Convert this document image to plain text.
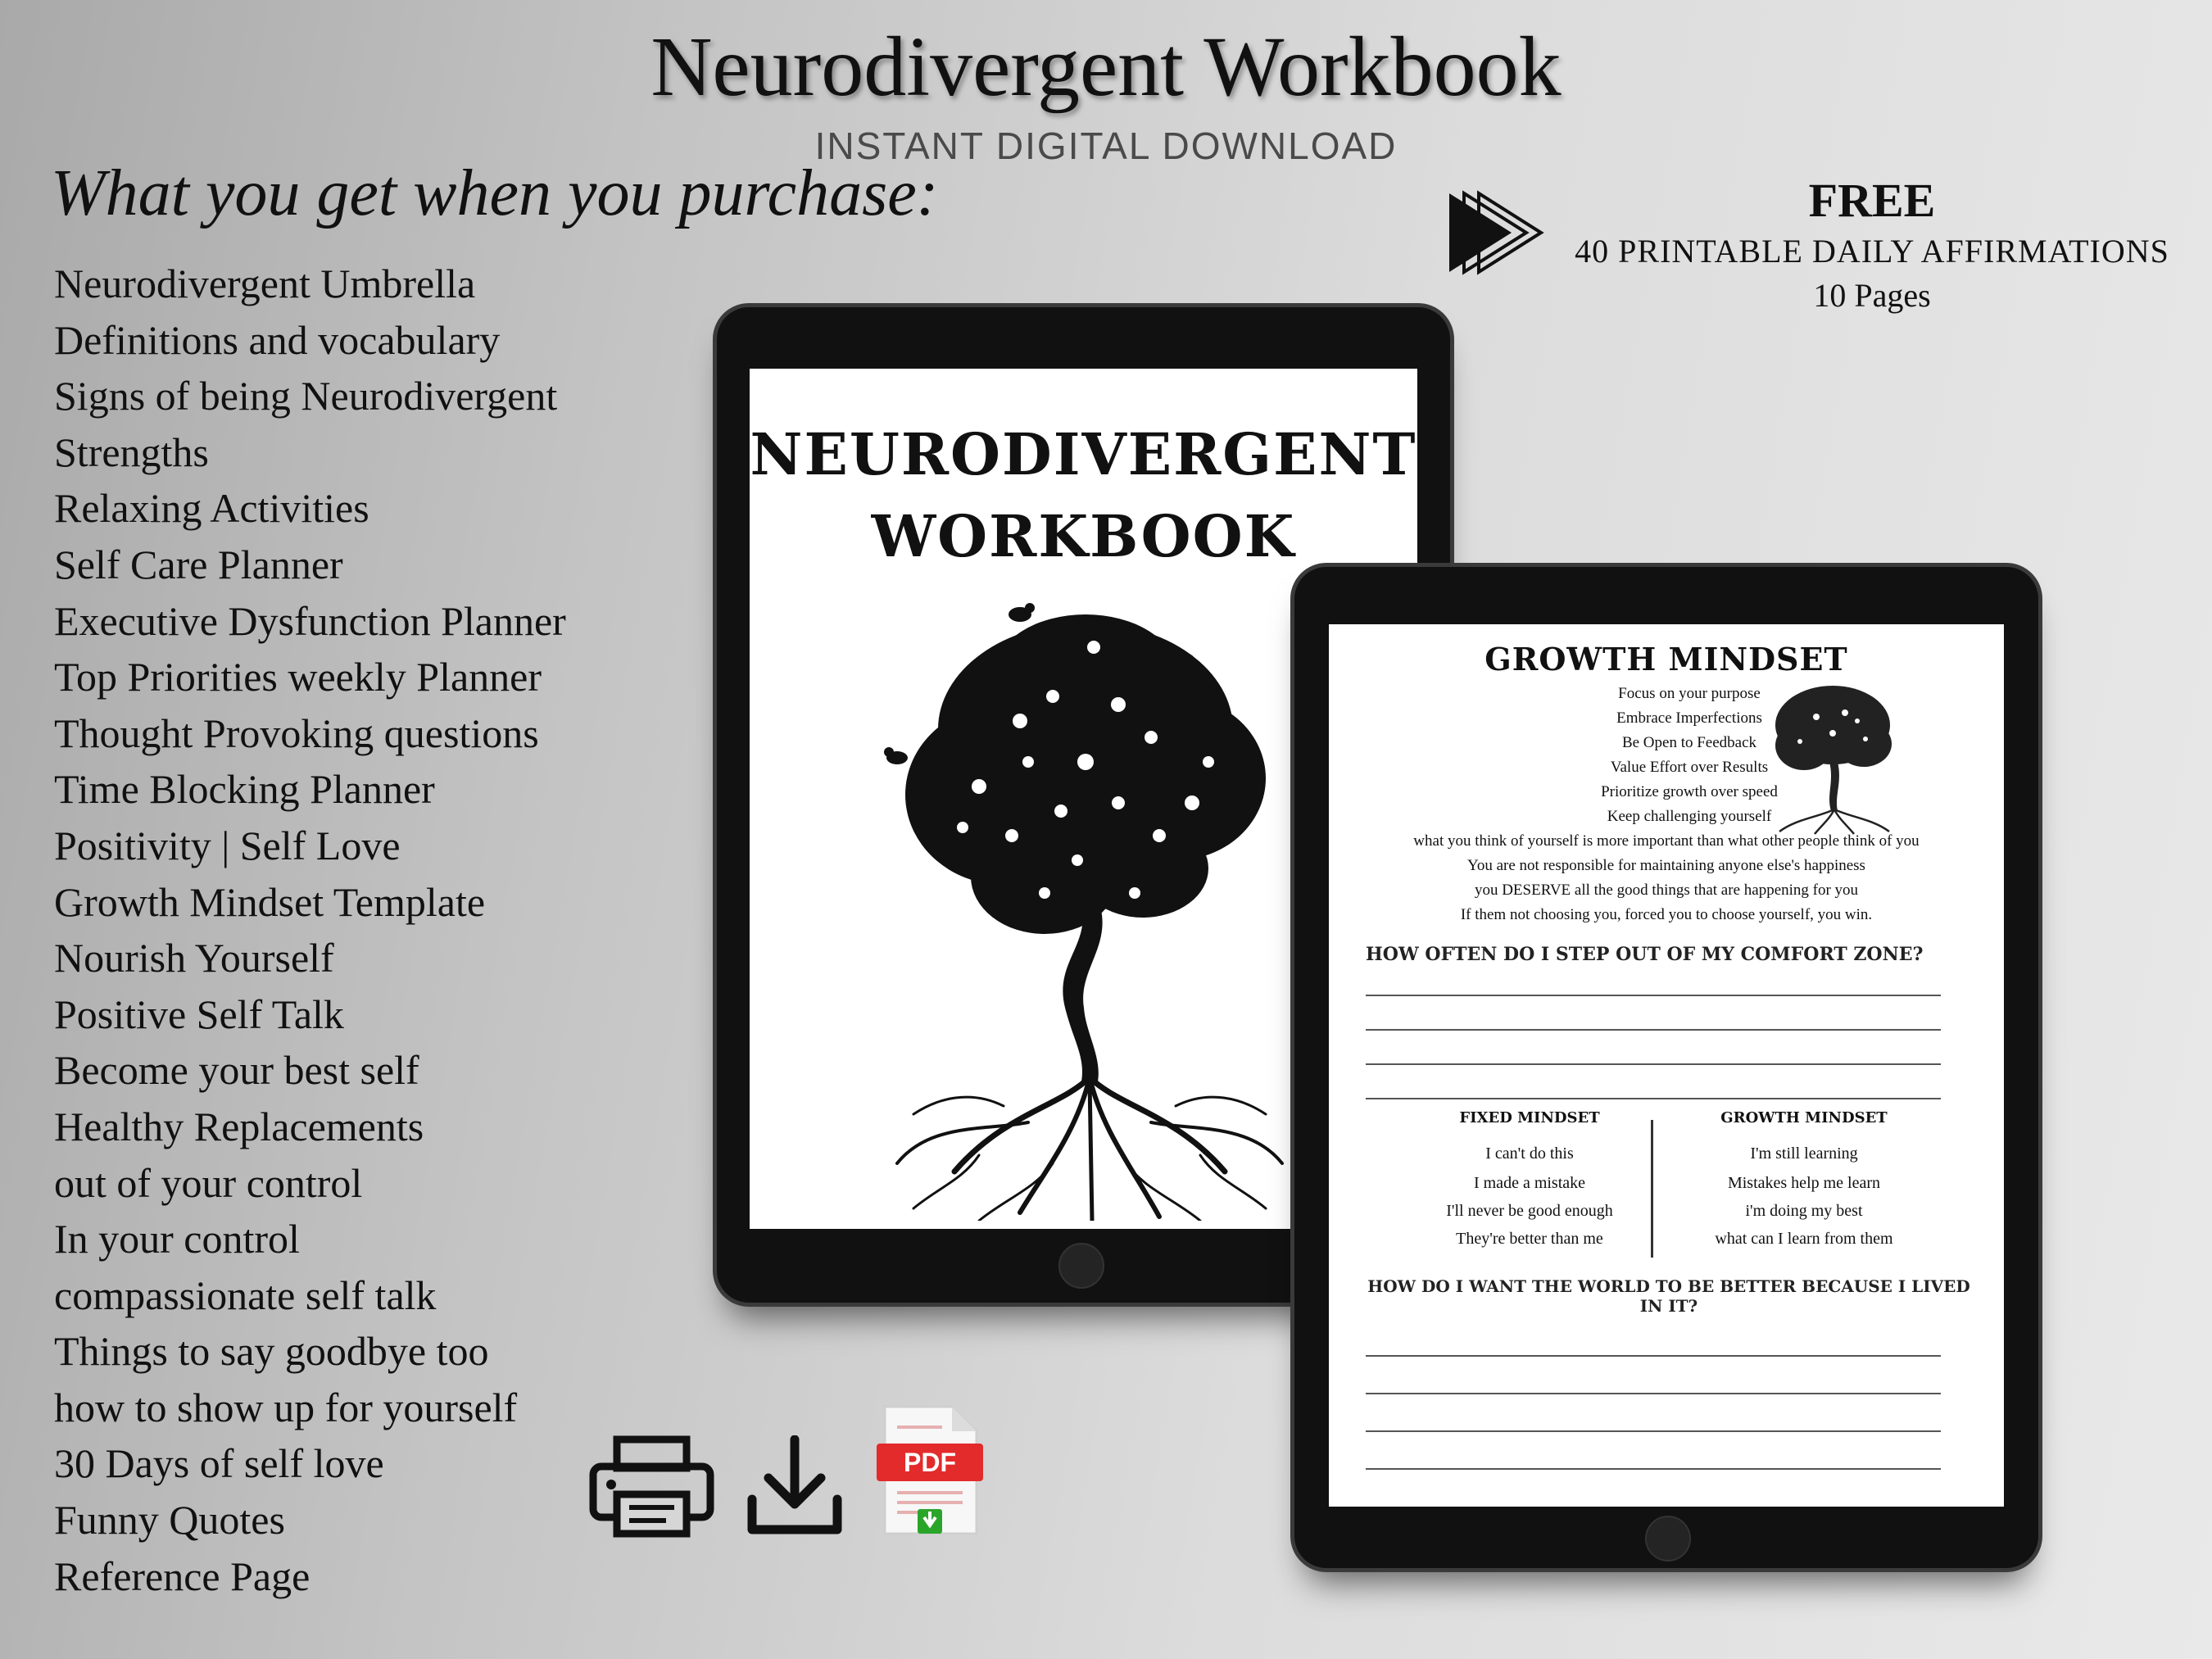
Neurodivergent Workbook
INSTANT DIGITAL DOWNLOAD
What you get when you purchase:
Neurodivergent Umbrella
Definitions and vocabulary
Signs of being Neurodivergent
Strengths
Relaxing Activities
Self Care Planner
Executive Dysfunction Planner
Top Priorities weekly Planner
Thought Provoking questions
Time Blocking Planner
Positivity | Self Love
Growth Mindset Template
Nourish Yourself
Positive Self Talk
Become your best self
Healthy Replacements
out of your control
In your control
compassionate self talk
Things to say goodbye too
how to show up for yourself
30 Days of self love
Funny Quotes
Reference Page
FREE
40 PRINTABLE DAILY AFFIRMATIONS
10 Pages
NEURODIVERGENT
WORKBOOK
GROWTH MINDSET
Focus on your purpose
Embrace Imperfections
Be Open to Feedback
Value Effort over Results
Prioritize growth over speed
Keep challenging yourself
what you think of yourself is more important than what other people think of you
You are not responsible for maintaining anyone else's happiness
you DESERVE all the good things that are happening for you
If them not choosing you, forced you to choose yourself, you win.
HOW OFTEN DO I STEP OUT OF MY COMFORT ZONE?
FIXED MINDSET
I can't do this
I made a mistake
I'll never be good enough
They're better than me
GROWTH MINDSET
I'm still learning
Mistakes help me learn
i'm doing my best
what can I learn from them
HOW DO I WANT THE WORLD TO BE BETTER BECAUSE I LIVED
IN IT?
PDF
